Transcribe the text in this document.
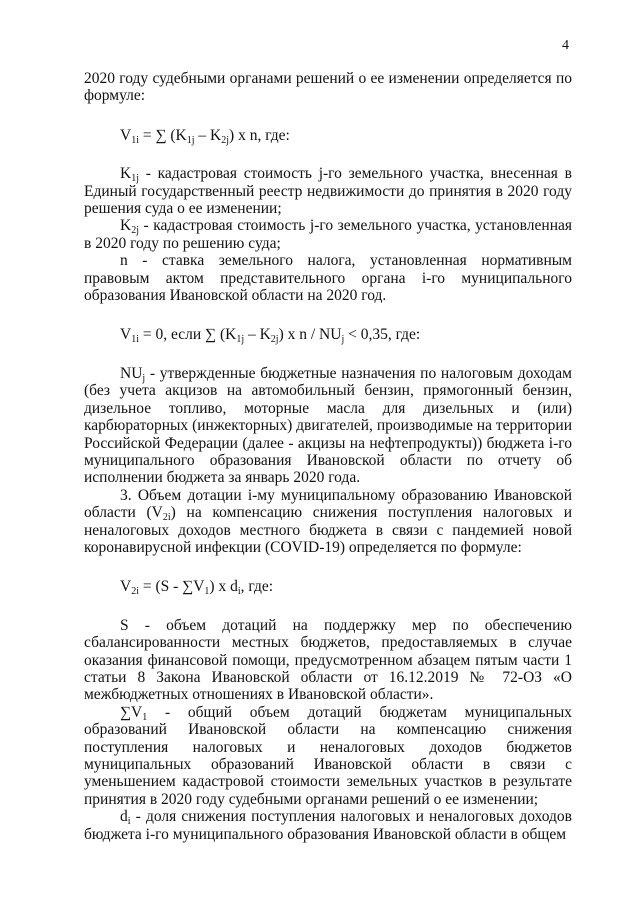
4

2020 году судебными органами решений о ее изменении определяется по формуле:

$V_{1i}$ = ∑ $(K_{1j} - K_{2j})$ x n, где:

$K_{1j}$ - кадастровая стоимость j-го земельного участка, внесенная в Единый государственный реестр недвижимости до принятия в 2020 году решения суда о ее изменении;

$K_{2j}$ - кадастровая стоимость j-го земельного участка, установленная в 2020 году по решению суда;

n - ставка земельного налога, установленная нормативным правовым актом представительного органа i-го муниципального образования Ивановской области на 2020 год.

$V_{1i} = 0$, если ∑ $(K_{1j} - K_{2j})$ x $n / NU_j < 0,35$, где:

$NU_j$ - утвержденные бюджетные назначения по налоговым доходам (без учета акцизов на автомобильный бензин, прямогонный бензин, дизельное топливо, моторные масла для дизельных и (или) карбюраторных (инжекторных) двигателей, производимые на территории Российской Федерации (далее - акцизы на нефтепродукты)) бюджета i-го муниципального образования Ивановской области по отчету об исполнении бюджета за январь 2020 года.

3. Объем дотации i-му муниципальному образованию Ивановской области $(V_{2i})$ на компенсацию снижения поступления налоговых и неналоговых доходов местного бюджета в связи с пандемией новой коронавирусной инфекции (COVID-19) определяется по формуле:

$V_{2i} = (S - \sum V_1)$ x $d_i$, где:

S - объем дотаций на поддержку мер по обеспечению сбалансированности местных бюджетов, предоставляемых в случае оказания финансовой помощи, предусмотренном абзацем пятым части 1 статьи 8 Закона Ивановской области от 16.12.2019 № 72-ОЗ «О межбюджетных отношениях в Ивановской области».

$\sum V_1$ - общий объем дотаций бюджетам муниципальных образований Ивановской области на компенсацию снижения поступления налоговых и неналоговых доходов бюджетов муниципальных образований Ивановской области в связи с уменьшением кадастровой стоимости земельных участков в результате принятия в 2020 году судебными органами решений о ее изменении;

$d_i$ - доля снижения поступления налоговых и неналоговых доходов бюджета i-го муниципального образования Ивановской области в общем
